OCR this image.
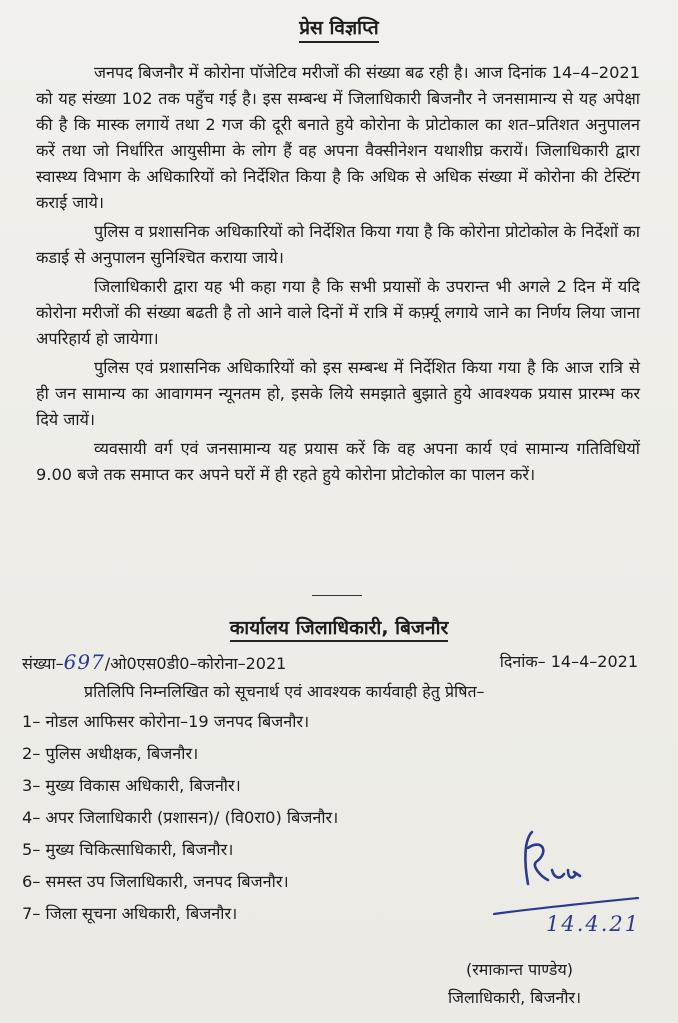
प्रेस विज्ञप्ति

जनपद बिजनौर में कोरोना पॉजेटिव मरीजों की संख्या बढ रही है। आज दिनांक 14–4–2021 को यह संख्या 102 तक पहुँच गई है। इस सम्बन्ध में जिलाधिकारी बिजनौर ने जनसामान्य से यह अपेक्षा की है कि मास्क लगायें तथा 2 गज की दूरी बनाते हुये कोरोना के प्रोटोकाल का शत–प्रतिशत अनुपालन करें तथा जो निर्धारित आयुसीमा के लोग हैं वह अपना वैक्सीनेशन यथाशीघ्र करायें। जिलाधिकारी द्वारा स्वास्थ्य विभाग के अधिकारियों को निर्देशित किया है कि अधिक से अधिक संख्या में कोरोना की टेस्टिंग कराई जाये।

पुलिस व प्रशासनिक अधिकारियों को निर्देशित किया गया है कि कोरोना प्रोटोकोल के निर्देशों का कडाई से अनुपालन सुनिश्चित कराया जाये।

जिलाधिकारी द्वारा यह भी कहा गया है कि सभी प्रयासों के उपरान्त भी अगले 2 दिन में यदि कोरोना मरीजों की संख्या बढती है तो आने वाले दिनों में रात्रि में कर्फ़्यू लगाये जाने का निर्णय लिया जाना अपरिहार्य हो जायेगा।

पुलिस एवं प्रशासनिक अधिकारियों को इस सम्बन्ध में निर्देशित किया गया है कि आज रात्रि से ही जन सामान्य का आवागमन न्यूनतम हो, इसके लिये समझाते बुझाते हुये आवश्यक प्रयास प्रारम्भ कर दिये जायें।

व्यवसायी वर्ग एवं जनसामान्य यह प्रयास करें कि वह अपना कार्य एवं सामान्य गतिविधियों 9.00 बजे तक समाप्त कर अपने घरों में ही रहते हुये कोरोना प्रोटोकोल का पालन करें।

कार्यालय जिलाधिकारी, बिजनौर
संख्या–697/ओ0एस0डी0–कोरोना–2021	दिनांक– 14–4–2021
प्रतिलिपि निम्नलिखित को सूचनार्थ एवं आवश्यक कार्यवाही हेतु प्रेषित–
1– नोडल आफिसर कोरोना–19 जनपद बिजनौर।
2– पुलिस अधीक्षक, बिजनौर।
3– मुख्य विकास अधिकारी, बिजनौर।
4– अपर जिलाधिकारी (प्रशासन)/ (वि0रा0) बिजनौर।
5– मुख्य चिकित्साधिकारी, बिजनौर।
6– समस्त उप जिलाधिकारी, जनपद बिजनौर।
7– जिला सूचना अधिकारी, बिजनौर।	14.4.21
(रमाकान्त पाण्डेय)
जिलाधिकारी, बिजनौर।
